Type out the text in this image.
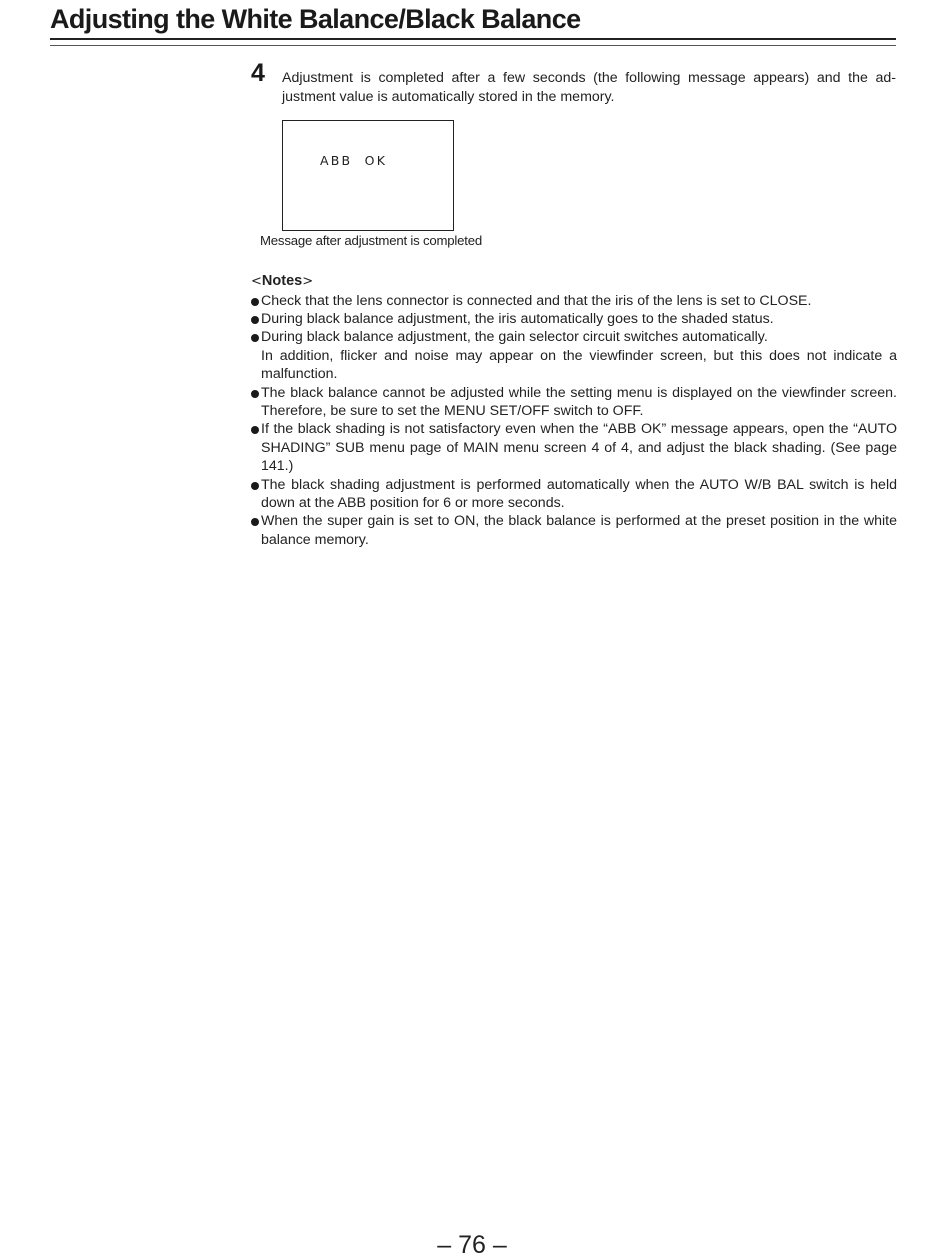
Adjusting the White Balance/Black Balance
4 Adjustment is completed after a few seconds (the following message appears) and the adjustment value is automatically stored in the memory.

ABB  OK
Message after adjustment is completed

<Notes>

Check that the lens connector is connected and that the iris of the lens is set to CLOSE.
During black balance adjustment, the iris automatically goes to the shaded status.
During black balance adjustment, the gain selector circuit switches automatically.
In addition, flicker and noise may appear on the viewfinder screen, but this does not indicate a malfunction.
The black balance cannot be adjusted while the setting menu is displayed on the viewfinder screen. Therefore, be sure to set the MENU SET/OFF switch to OFF.
If the black shading is not satisfactory even when the “ABB OK” message appears, open the “AUTO SHADING” SUB menu page of MAIN menu screen 4 of 4, and adjust the black shading. (See page 141.)
The black shading adjustment is performed automatically when the AUTO W/B BAL switch is held down at the ABB position for 6 or more seconds.
When the super gain is set to ON, the black balance is performed at the preset position in the white balance memory.
– 76 –
